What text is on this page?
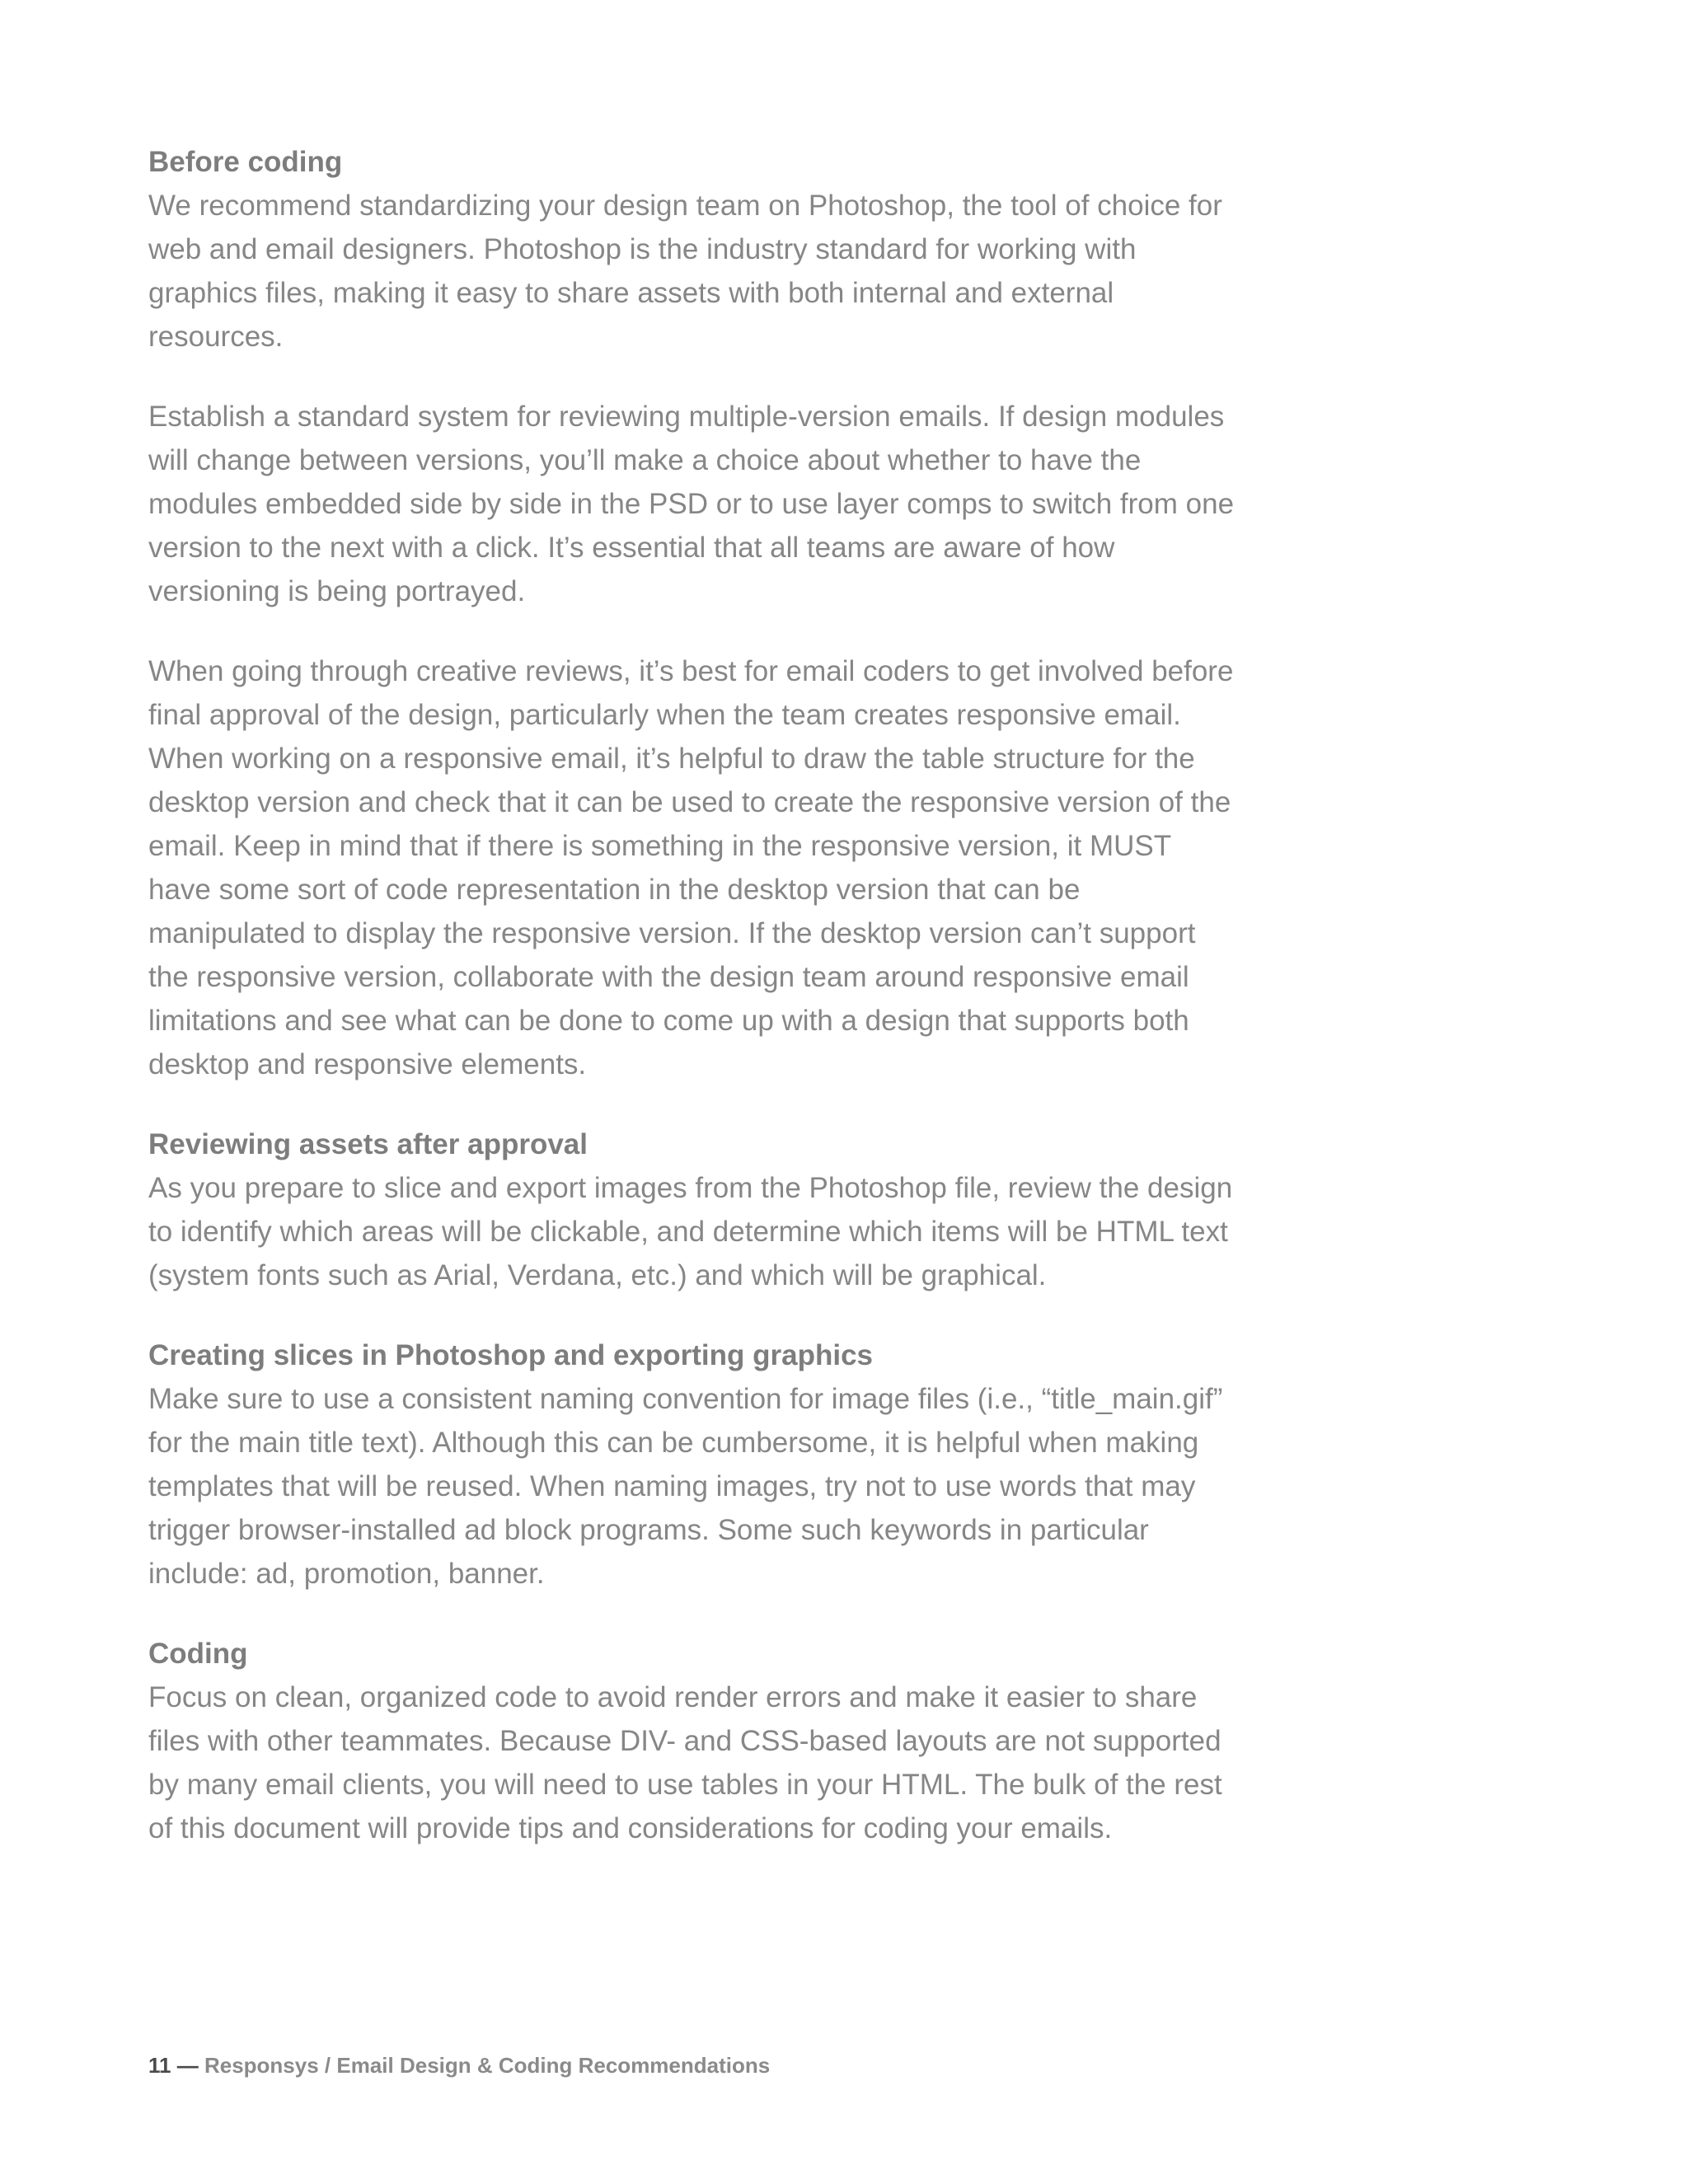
Before coding

We recommend standardizing your design team on Photoshop, the tool of choice for web and email designers. Photoshop is the industry standard for working with graphics files, making it easy to share assets with both internal and external resources.

Establish a standard system for reviewing multiple-version emails. If design modules will change between versions, you’ll make a choice about whether to have the modules embedded side by side in the PSD or to use layer comps to switch from one version to the next with a click. It’s essential that all teams are aware of how versioning is being portrayed.

When going through creative reviews, it’s best for email coders to get involved before final approval of the design, particularly when the team creates responsive email. When working on a responsive email, it’s helpful to draw the table structure for the desktop version and check that it can be used to create the responsive version of the email. Keep in mind that if there is something in the responsive version, it MUST have some sort of code representation in the desktop version that can be manipulated to display the responsive version. If the desktop version can’t support the responsive version, collaborate with the design team around responsive email limitations and see what can be done to come up with a design that supports both desktop and responsive elements.

Reviewing assets after approval

As you prepare to slice and export images from the Photoshop file, review the design to identify which areas will be clickable, and determine which items will be HTML text (system fonts such as Arial, Verdana, etc.) and which will be graphical.

Creating slices in Photoshop and exporting graphics

Make sure to use a consistent naming convention for image files (i.e., “title_main.gif” for the main title text). Although this can be cumbersome, it is helpful when making templates that will be reused. When naming images, try not to use words that may trigger browser-installed ad block programs. Some such keywords in particular include: ad, promotion, banner.

Coding

Focus on clean, organized code to avoid render errors and make it easier to share files with other teammates. Because DIV- and CSS-based layouts are not supported by many email clients, you will need to use tables in your HTML. The bulk of the rest of this document will provide tips and considerations for coding your emails.

11 — Responsys / Email Design & Coding Recommendations
